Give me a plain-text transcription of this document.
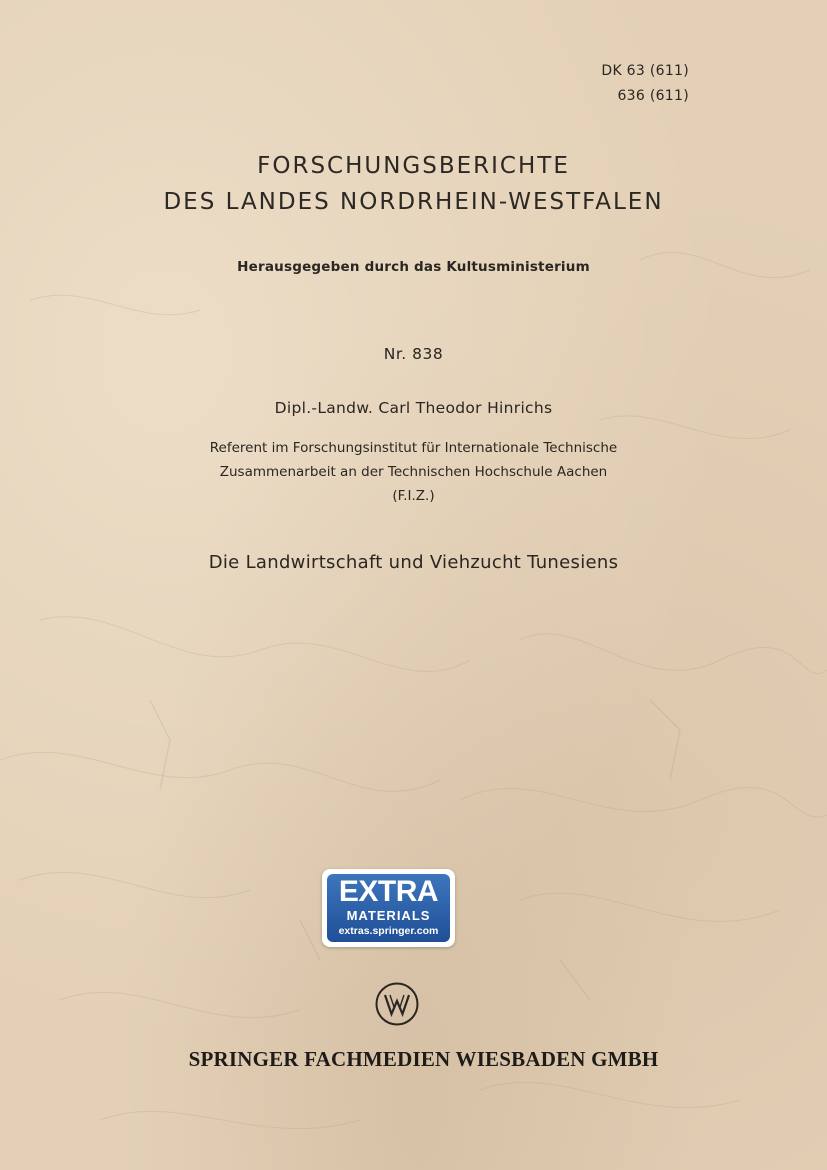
DK 63 (611)
636 (611)
FORSCHUNGSBERICHTE
DES LANDES NORDRHEIN-WESTFALEN
Herausgegeben durch das Kultusministerium
Nr. 838
Dipl.-Landw. Carl Theodor Hinrichs
Referent im Forschungsinstitut für Internationale Technische
Zusammenarbeit an der Technischen Hochschule Aachen
(F.I.Z.)
Die Landwirtschaft und Viehzucht Tunesiens
EXTRA
MATERIALS
extras.springer.com
SPRINGER FACHMEDIEN WIESBADEN GMBH
